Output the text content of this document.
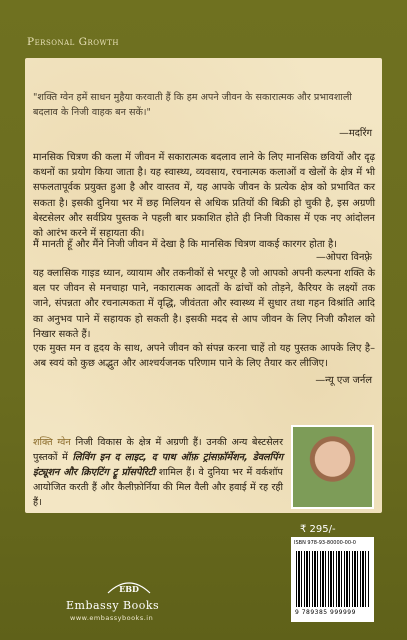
Personal Growth
"शक्ति ग्वेन हमें साधन मुहैया करवाती हैं कि हम अपने जीवन के सकारात्मक और प्रभावशाली बदलाव के निजी वाहक बन सकें।"
—मदरिंग
मानसिक चित्रण की कला में जीवन में सकारात्मक बदलाव लाने के लिए मानसिक छवियों और दृढ़ कथनों का प्रयोग किया जाता है। यह स्वास्थ्य, व्यवसाय, रचनात्मक कलाओं व खेलों के क्षेत्र में भी सफलतापूर्वक प्रयुक्त हुआ है और वास्तव में, यह आपके जीवन के प्रत्येक क्षेत्र को प्रभावित कर सकता है। इसकी दुनिया भर में छह मिलियन से अधिक प्रतियों की बिक्री हो चुकी है, इस अग्रणी बेस्टसेलर और सर्वप्रिय पुस्तक ने पहली बार प्रकाशित होते ही निजी विकास में एक नए आंदोलन को आरंभ करने में सहायता की।
मैं मानती हूँ और मैंने निजी जीवन में देखा है कि मानसिक चित्रण वाकई कारगर होता है।
—ओपरा विनफ़्रे
यह क्लासिक गाइड ध्यान, व्यायाम और तकनीकों से भरपूर है जो आपको अपनी कल्पना शक्ति के बल पर जीवन से मनचाहा पाने, नकारात्मक आदतों के ढांचों को तोड़ने, कैरियर के लक्ष्यों तक जाने, संपन्नता और रचनात्मकता में वृद्धि, जीवंतता और स्वास्थ्य में सुधार तथा गहन विश्रांति आदि का अनुभव पाने में सहायक हो सकती है। इसकी मदद से आप जीवन के लिए निजी कौशल को निखार सकते हैं।
एक मुक्त मन व हृदय के साथ, अपने जीवन को संपन्न करना चाहें तो यह पुस्तक आपके लिए है– अब स्वयं को कुछ अद्भुत और आश्चर्यजनक परिणाम पाने के लिए तैयार कर लीजिए।
—न्यू एज जर्नल
शक्ति ग्वेन निजी विकास के क्षेत्र में अग्रणी हैं। उनकी अन्य बेस्टसेलर पुस्तकों में लिविंग इन द लाइट, द पाथ ऑफ़ ट्रांसफ़ॉर्मेशन, डेवलपिंग इंट्यूशन और क्रिएटिंग ट्रू प्रॉसपेरिटी शामिल हैं। वे दुनिया भर में वर्कशॉप आयोजित करती हैं और कैलीफ़ोर्निया की मिल वैली और हवाई में रह रही हैं।
₹ 295/-
ISBN 978-93-80000-00-0
9 789385 999999
EBD
Embassy Books
www.embassybooks.in
